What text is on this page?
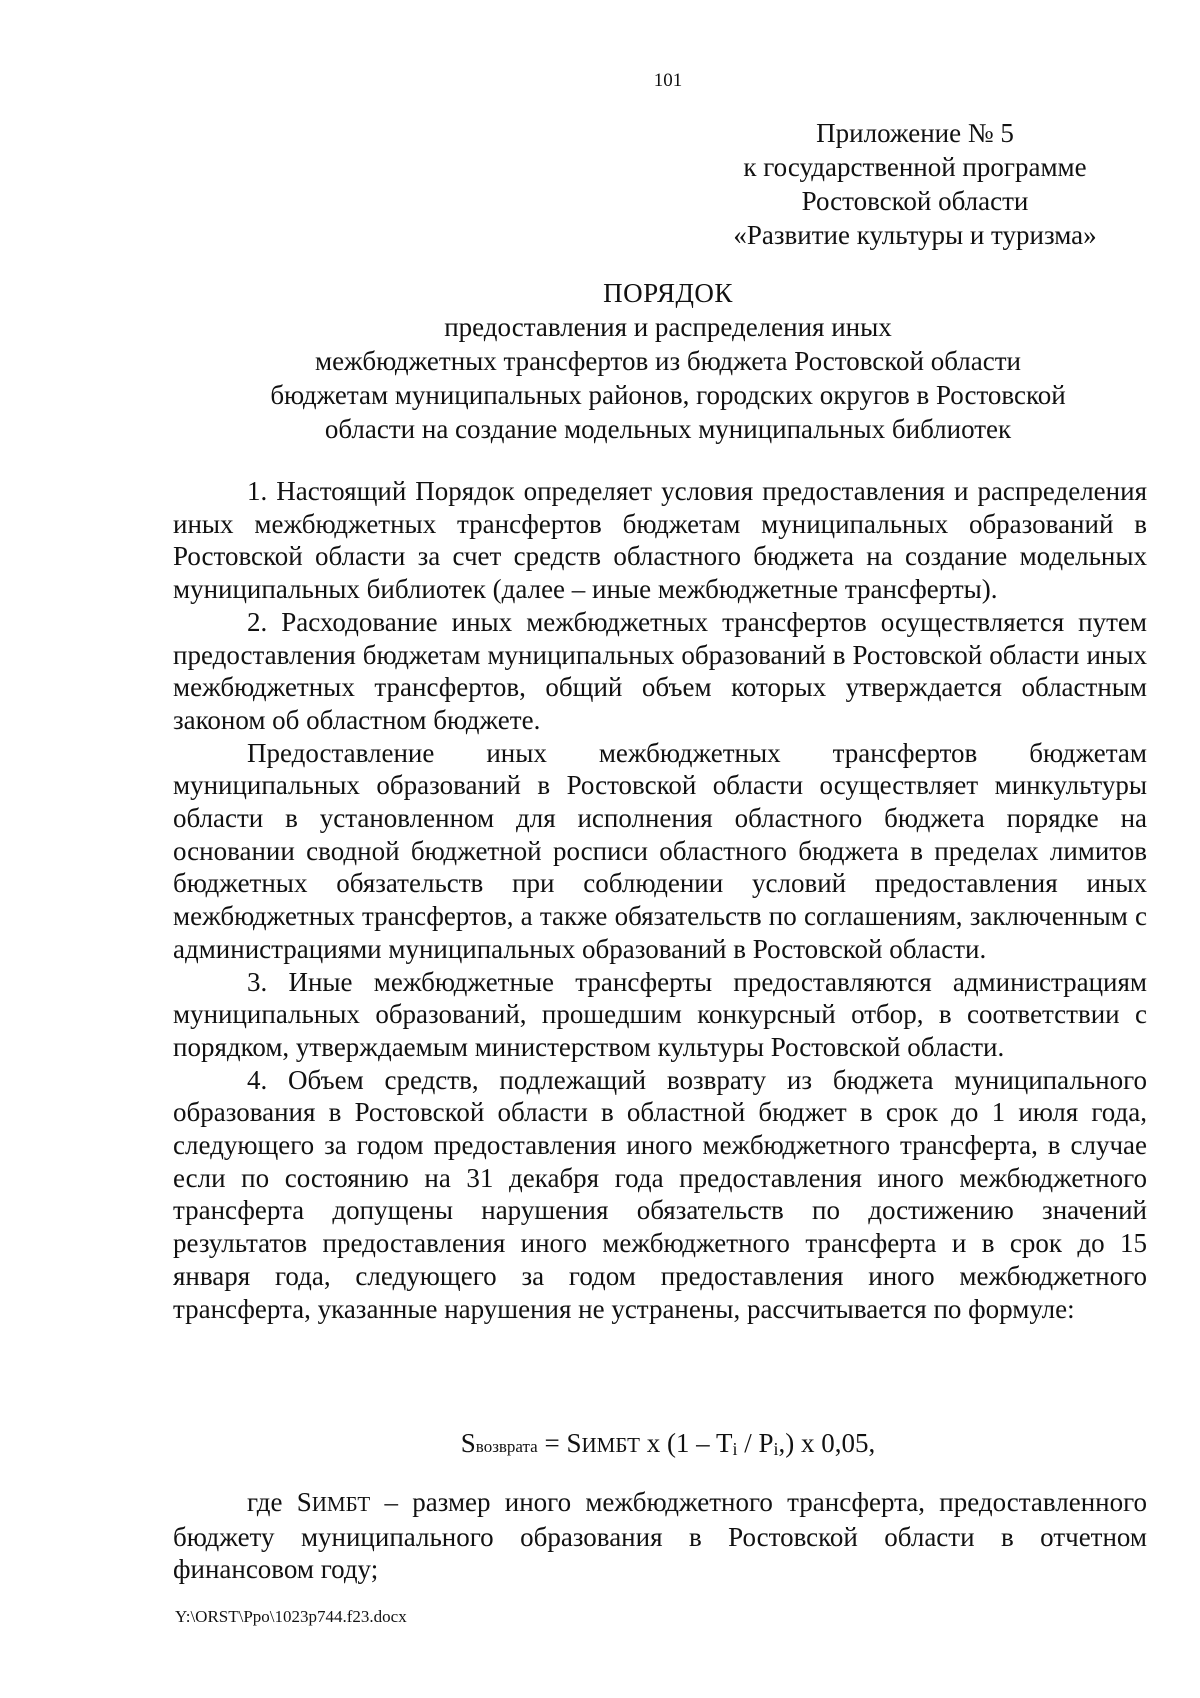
101
Приложение № 5
к государственной программе
Ростовской области
«Развитие культуры и туризма»
ПОРЯДОК
предоставления и распределения иных
межбюджетных трансфертов из бюджета Ростовской области
бюджетам муниципальных районов, городских округов в Ростовской
области на создание модельных муниципальных библиотек

1. Настоящий Порядок определяет условия предоставления и распределения иных межбюджетных трансфертов бюджетам муниципальных образований в Ростовской области за счет средств областного бюджета на создание модельных муниципальных библиотек (далее – иные межбюджетные трансферты).

2. Расходование иных межбюджетных трансфертов осуществляется путем предоставления бюджетам муниципальных образований в Ростовской области иных межбюджетных трансфертов, общий объем которых утверждается областным законом об областном бюджете.

Предоставление иных межбюджетных трансфертов бюджетам муниципальных образований в Ростовской области осуществляет минкультуры области в установленном для исполнения областного бюджета порядке на основании сводной бюджетной росписи областного бюджета в пределах лимитов бюджетных обязательств при соблюдении условий предоставления иных межбюджетных трансфертов, а также обязательств по соглашениям, заключенным с администрациями муниципальных образований в Ростовской области.

3. Иные межбюджетные трансферты предоставляются администрациям муниципальных образований, прошедшим конкурсный отбор, в соответствии с порядком, утверждаемым министерством культуры Ростовской области.

4. Объем средств, подлежащий возврату из бюджета муниципального образования в Ростовской области в областной бюджет в срок до 1 июля года, следующего за годом предоставления иного межбюджетного трансферта, в случае если по состоянию на 31 декабря года предоставления иного межбюджетного трансферта допущены нарушения обязательств по достижению значений результатов предоставления иного межбюджетного трансферта и в срок до 15 января года, следующего за годом предоставления иного межбюджетного трансферта, указанные нарушения не устранены, рассчитывается по формуле:

Sвозврата = SИМБТ x (1 – Ti / Pi,) x 0,05,

где SИМБТ – размер иного межбюджетного трансферта, предоставленного бюджету муниципального образования в Ростовской области в отчетном финансовом году;

Y:\ORST\Ppo\1023p744.f23.docx
